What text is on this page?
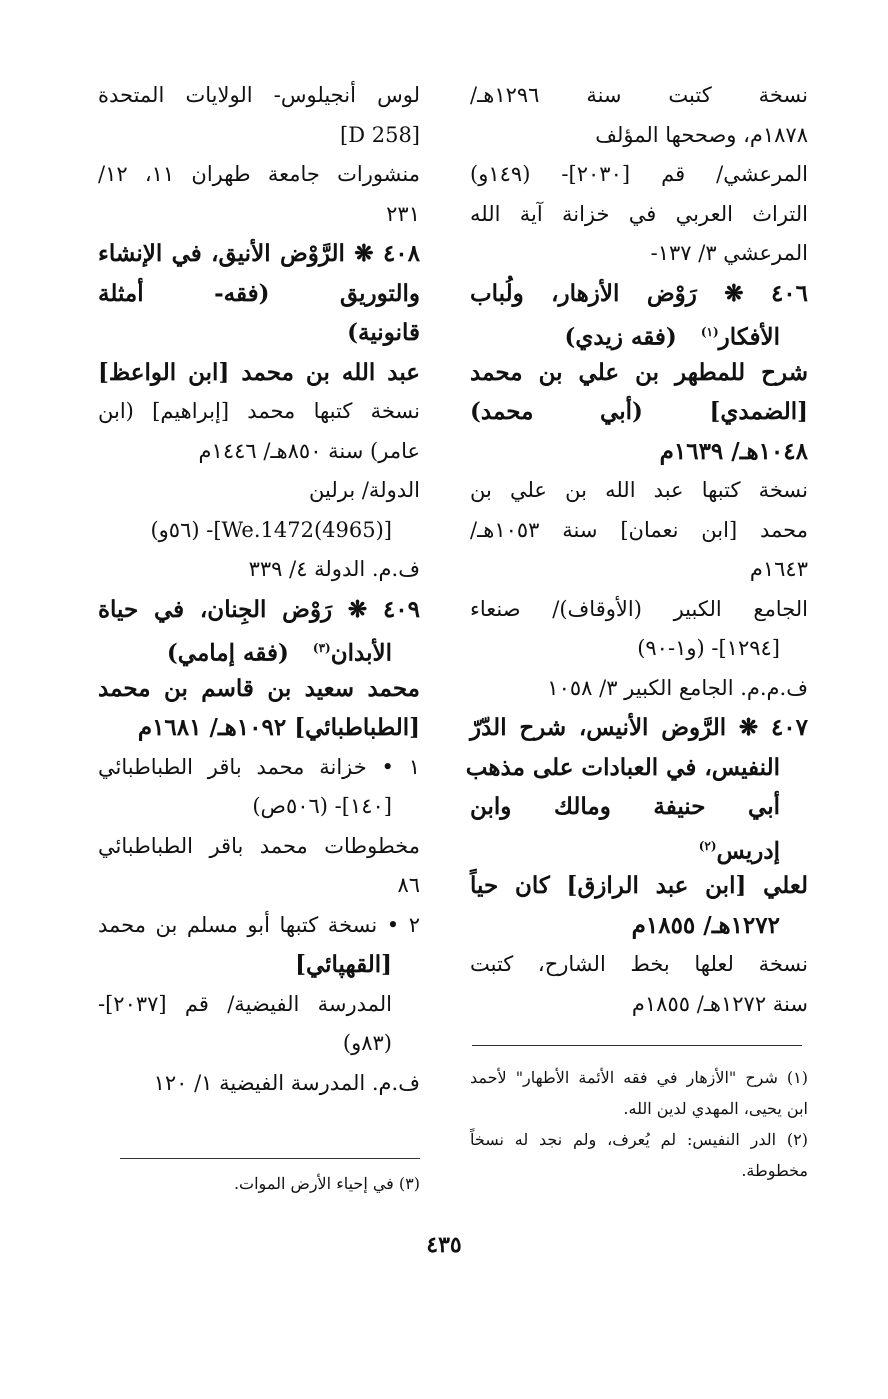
نسخة كتبت سنة ١٢٩٦هـ/
١٨٧٨م، وصححها المؤلف
المرعشي/ قم [٢٠٣٠]- (١٤٩و)
التراث العربي في خزانة آية الله
المرعشي ٣/ ١٣٧-
٤٠٦ ❋ رَوْض الأزهار، ولُباب
الأفكار$^{(١)}$   (فقه زيدي)
شرح للمطهر بن علي بن محمد
[الضمدي] (أبي محمد)
١٠٤٨هـ/ ١٦٣٩م
نسخة كتبها عبد الله بن علي بن
محمد [ابن نعمان] سنة ١٠٥٣هـ/
١٦٤٣م
الجامع الكبير (الأوقاف)/ صنعاء
[١٢٩٤]- (و١-٩٠)
ف.م.م. الجامع الكبير ٣/ ١٠٥٨
٤٠٧ ❋ الرَّوض الأنيس، شرح الدّرّ
النفيس، في العبادات على مذهب
أبي حنيفة ومالك وابن
إدريس$^{(٢)}$
لعلي [ابن عبد الرازق] كان حياً
١٢٧٢هـ/ ١٨٥٥م
نسخة لعلها بخط الشارح، كتبت
سنة ١٢٧٢هـ/ ١٨٥٥م
لوس أنجيلوس- الولايات المتحدة
[D 258]
منشورات جامعة طهران ١١، ١٢/
٢٣١
٤٠٨ ❋ الرَّوْض الأنيق، في الإنشاء
والتوريق (فقه- أمثلة
قانونية)
عبد الله بن محمد [ابن الواعظ]
نسخة كتبها محمد [إبراهيم] (ابن
عامر) سنة ٨٥٠هـ/ ١٤٤٦م
الدولة/ برلين
[(4965)We.1472]- (٥٦و)
ف.م. الدولة ٤/ ٣٣٩
٤٠٩ ❋ رَوْض الجِنان، في حياة
الأبدان$^{(٣)}$   (فقه إمامي)
محمد سعيد بن قاسم بن محمد
[الطباطبائي] ١٠٩٢هـ/ ١٦٨١م
١ • خزانة محمد باقر الطباطبائي
[١٤٠]- (٥٠٦ص)
مخطوطات محمد باقر الطباطبائي
٨٦
٢ • نسخة كتبها أبو مسلم بن محمد
[القهپائي]
المدرسة الفيضية/ قم [٢٠٣٧]-
(٨٣و)
ف.م. المدرسة الفيضية ١/ ١٢٠	(١) شرح "الأزهار في فقه الأئمة الأطهار" لأحمد
ابن يحيى، المهدي لدين الله.
(٢) الدر النفيس: لم يُعرف، ولم نجد له نسخاً
مخطوطة.
(٣) في إحياء الأرض الموات.
٤٣٥
